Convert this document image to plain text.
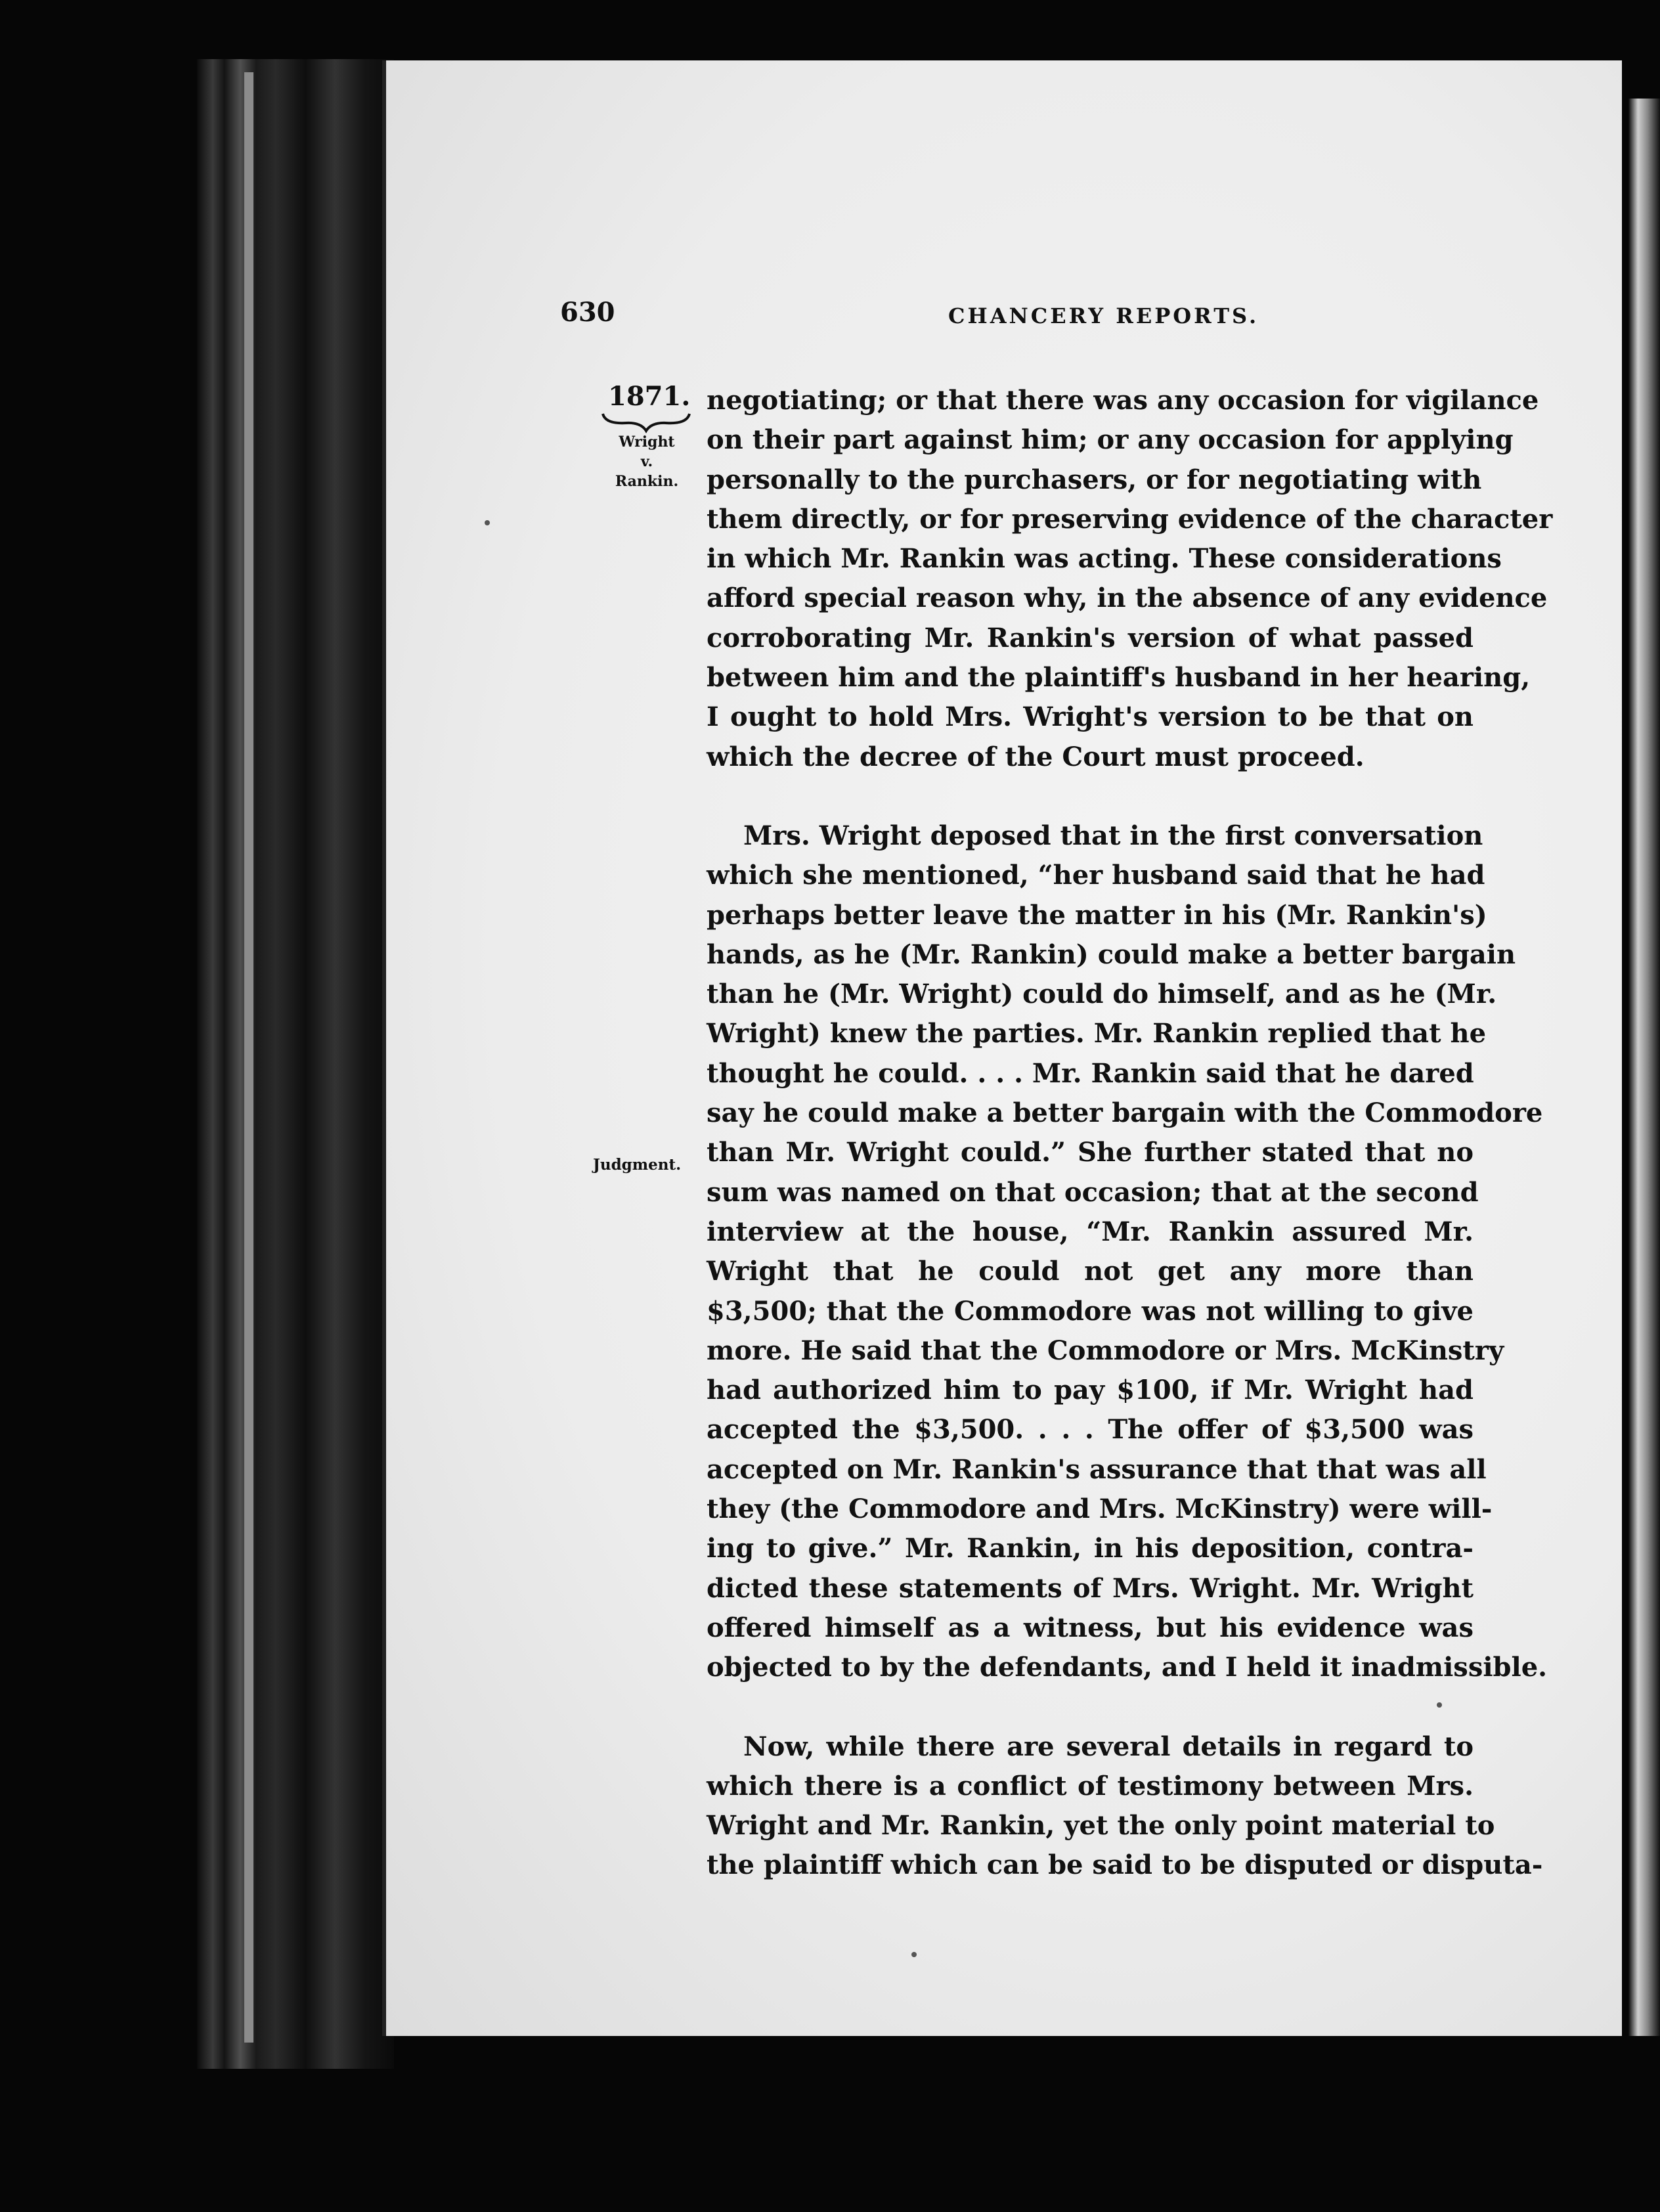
630	CHANCERY REPORTS.
1871.
Wright
v.
Rankin.
Judgment.

negotiating; or that there was any occasion for vigilance
on their part against him; or any occasion for applying
personally to the purchasers, or for negotiating with
them directly, or for preserving evidence of the character
in which Mr. Rankin was acting. These considerations
afford special reason why, in the absence of any evidence
corroborating Mr. Rankin's version of what passed
between him and the plaintiff's husband in her hearing,
I ought to hold Mrs. Wright's version to be that on
which the decree of the Court must proceed.

Mrs. Wright deposed that in the first conversation
which she mentioned, “her husband said that he had
perhaps better leave the matter in his (Mr. Rankin's)
hands, as he (Mr. Rankin) could make a better bargain
than he (Mr. Wright) could do himself, and as he (Mr.
Wright) knew the parties. Mr. Rankin replied that he
thought he could. . . . Mr. Rankin said that he dared
say he could make a better bargain with the Commodore
than Mr. Wright could.” She further stated that no
sum was named on that occasion; that at the second
interview at the house, “Mr. Rankin assured Mr.
Wright that he could not get any more than
$3,500; that the Commodore was not willing to give
more. He said that the Commodore or Mrs. McKinstry
had authorized him to pay $100, if Mr. Wright had
accepted the $3,500. . . . The offer of $3,500 was
accepted on Mr. Rankin's assurance that that was all
they (the Commodore and Mrs. McKinstry) were will-
ing to give.” Mr. Rankin, in his deposition, contra-
dicted these statements of Mrs. Wright. Mr. Wright
offered himself as a witness, but his evidence was
objected to by the defendants, and I held it inadmissible.

Now, while there are several details in regard to
which there is a conflict of testimony between Mrs.
Wright and Mr. Rankin, yet the only point material to
the plaintiff which can be said to be disputed or disputa-
